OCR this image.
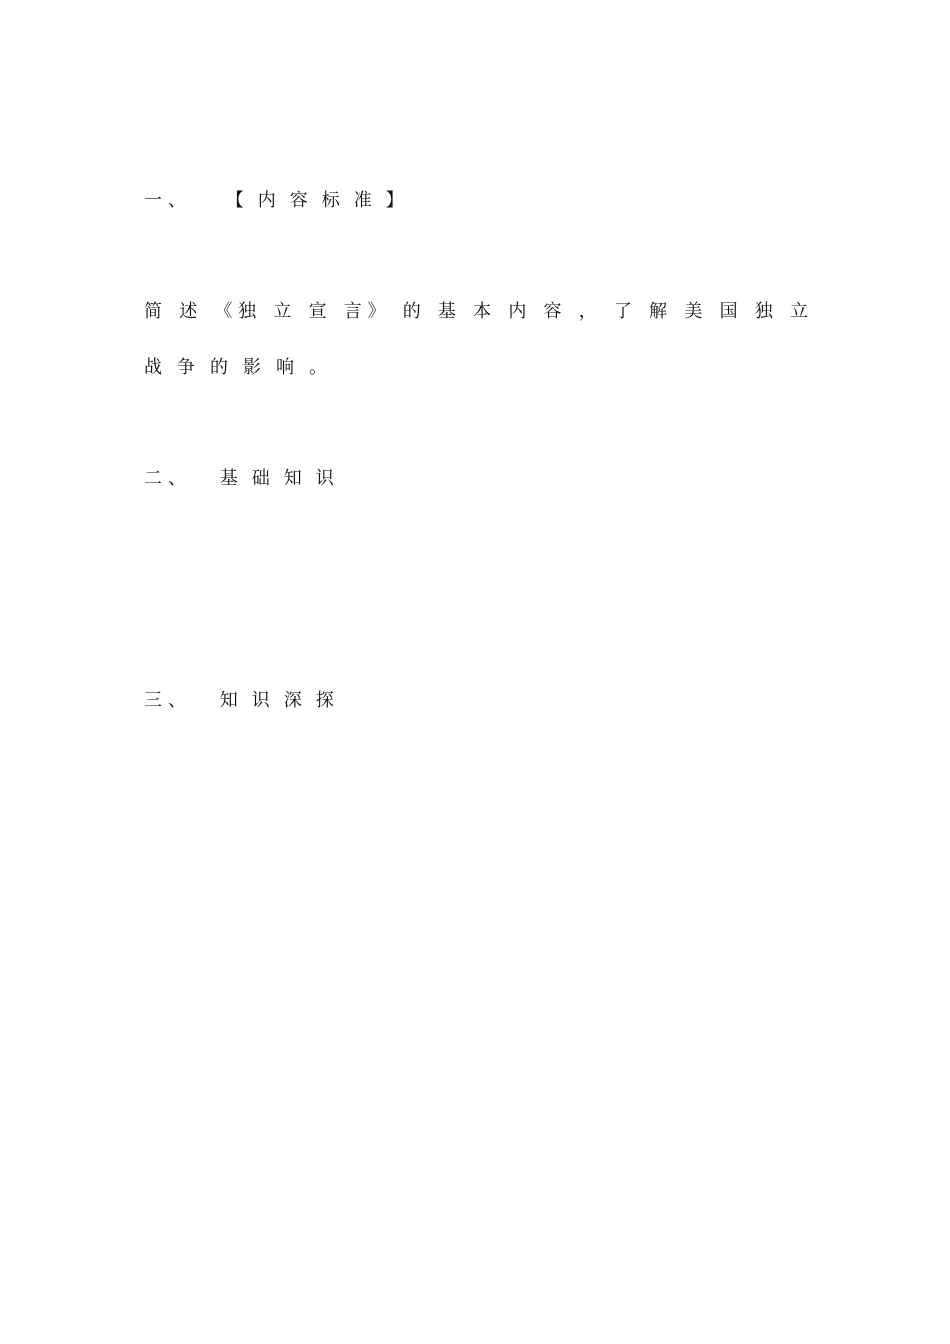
一、 【内容标准】
简 述 《独 立 宣 言》 的 基 本 内 容 ， 了 解 美 国 独 立
战争的影响。
二、 基础知识
三、 知识深探
